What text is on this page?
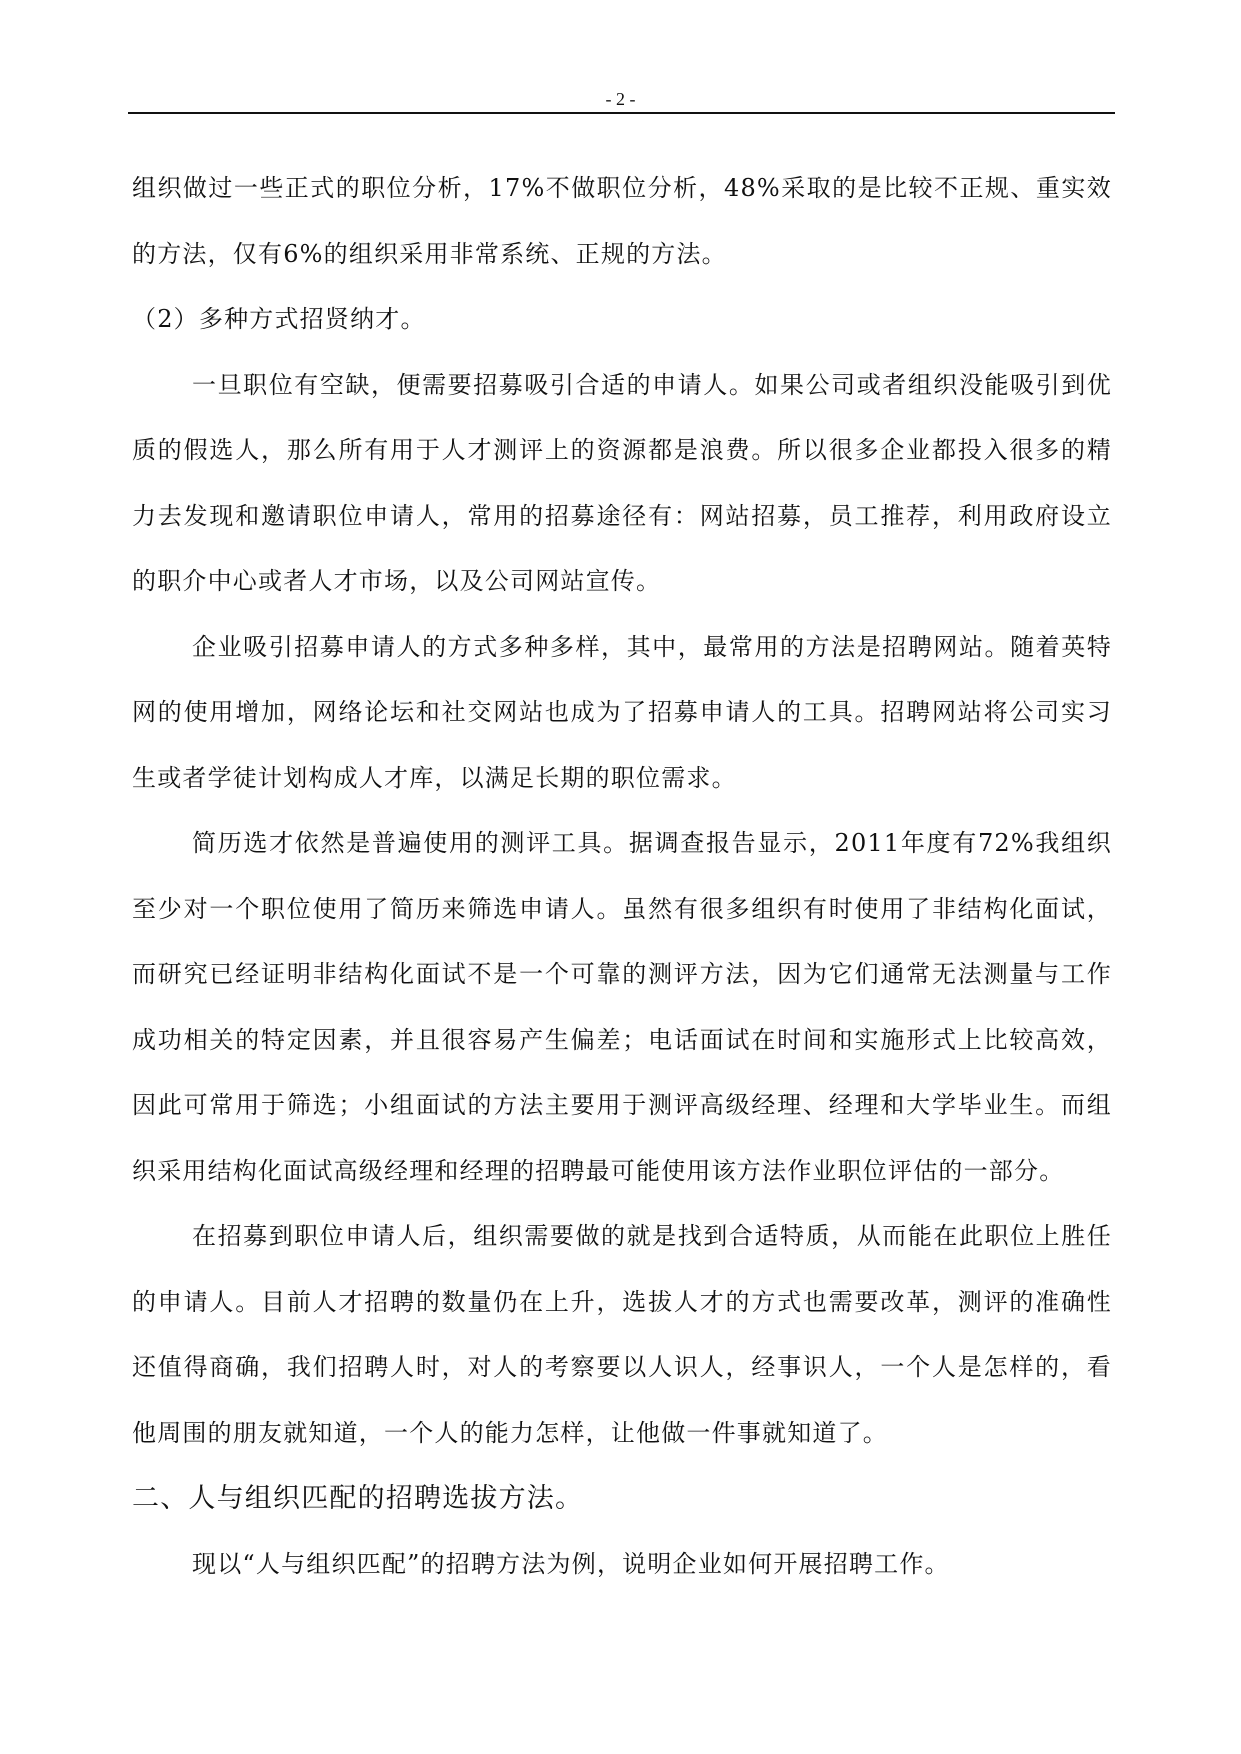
- 2 -

组织做过一些正式的职位分析，17%不做职位分析，48%采取的是比较不正规、重实效的方法，仅有6%的组织采用非常系统、正规的方法。

（2）多种方式招贤纳才。

一旦职位有空缺，便需要招募吸引合适的申请人。如果公司或者组织没能吸引到优质的假选人，那么所有用于人才测评上的资源都是浪费。所以很多企业都投入很多的精力去发现和邀请职位申请人，常用的招募途径有：网站招募，员工推荐，利用政府设立的职介中心或者人才市场，以及公司网站宣传。

企业吸引招募申请人的方式多种多样，其中，最常用的方法是招聘网站。随着英特网的使用增加，网络论坛和社交网站也成为了招募申请人的工具。招聘网站将公司实习生或者学徒计划构成人才库，以满足长期的职位需求。

简历选才依然是普遍使用的测评工具。据调查报告显示，2011年度有72%我组织至少对一个职位使用了简历来筛选申请人。虽然有很多组织有时使用了非结构化面试，而研究已经证明非结构化面试不是一个可靠的测评方法，因为它们通常无法测量与工作成功相关的特定因素，并且很容易产生偏差；电话面试在时间和实施形式上比较高效，因此可常用于筛选；小组面试的方法主要用于测评高级经理、经理和大学毕业生。而组织采用结构化面试高级经理和经理的招聘最可能使用该方法作业职位评估的一部分。

在招募到职位申请人后，组织需要做的就是找到合适特质，从而能在此职位上胜任的申请人。目前人才招聘的数量仍在上升，选拔人才的方式也需要改革，测评的准确性还值得商确，我们招聘人时，对人的考察要以人识人，经事识人，一个人是怎样的，看他周围的朋友就知道，一个人的能力怎样，让他做一件事就知道了。

二、人与组织匹配的招聘选拔方法。

现以“人与组织匹配”的招聘方法为例，说明企业如何开展招聘工作。
